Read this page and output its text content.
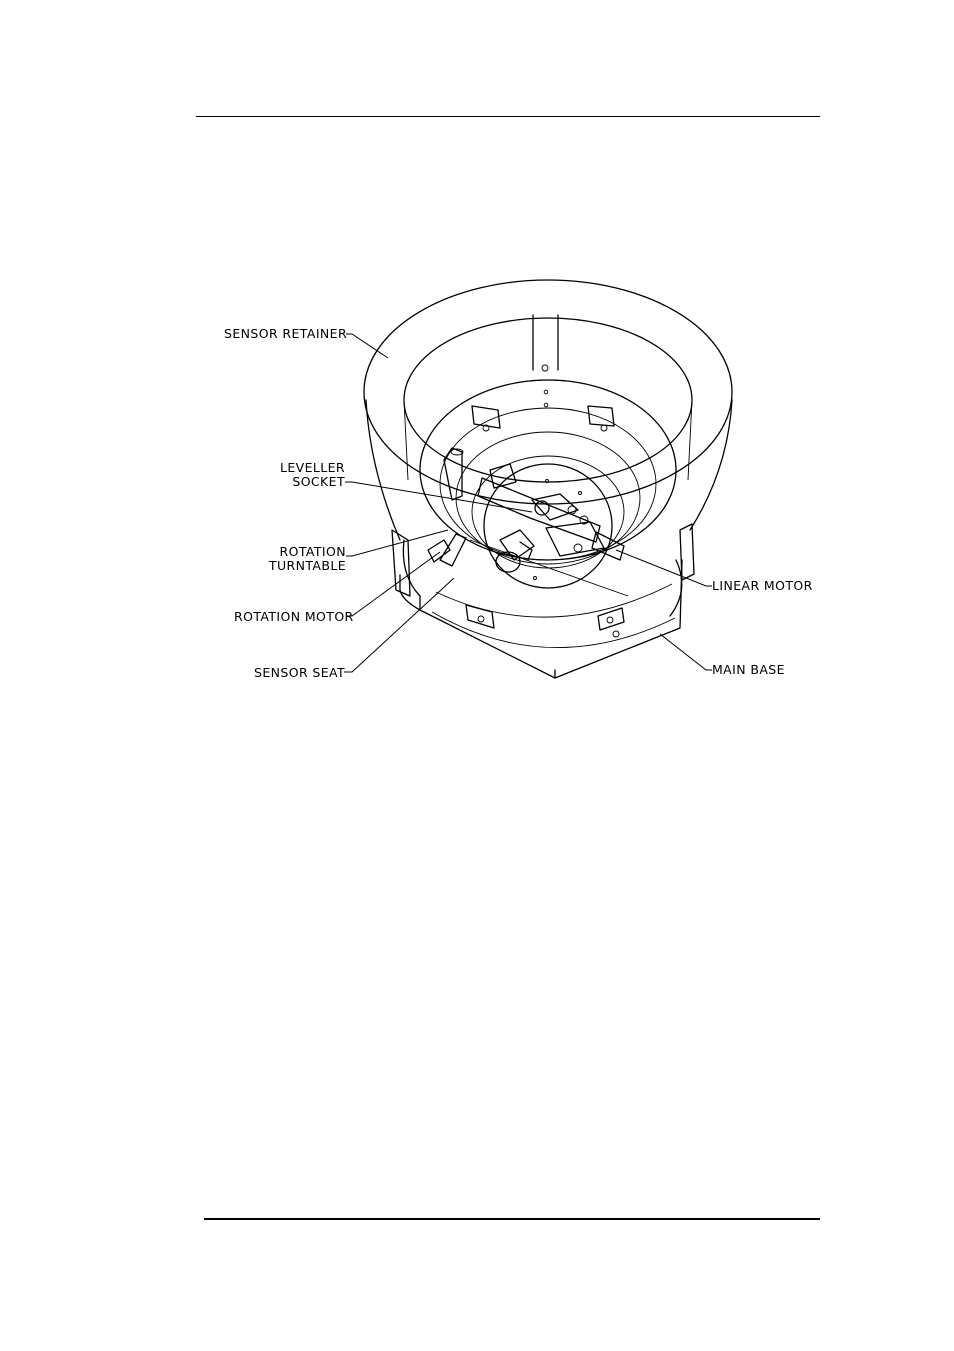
SENSOR RETAINER
LEVELLER
SOCKET
ROTATION
TURNTABLE
ROTATION MOTOR
SENSOR SEAT
LINEAR MOTOR
MAIN BASE
